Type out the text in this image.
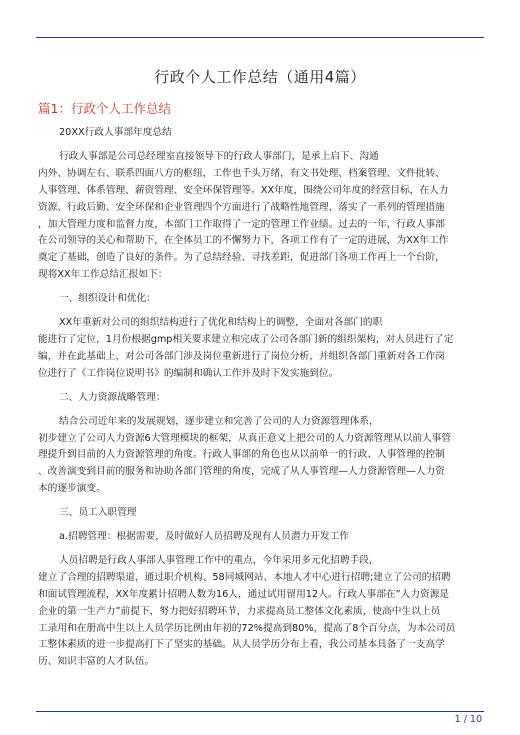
行政个人工作总结（通用4篇）
篇1：行政个人工作总结

20XX行政人事部年度总结

行政人事部是公司总经理室直接领导下的行政人事部门，是承上启下、沟通

内外、协调左右、联系四面八方的枢纽，工作也千头万绪，有文书处理、档案管理、文件批转、

人事管理、体系管理、薪资管理、安全环保管理等。XX年度，围绕公司年度的经营目标，在人力

资源、行政后勤、安全环保和企业管理四个方面进行了战略性地管理，落实了一系列的管理措施

，加大管理力度和监督力度，本部门工作取得了一定的管理工作业绩。过去的一年，行政人事部

在公司领导的关心和帮助下，在全体员工的不懈努力下，各项工作有了一定的进展，为XX年工作

奠定了基础，创造了良好的条件。为了总结经验、寻找差距，促进部门各项工作再上一个台阶，

现将XX年工作总结汇报如下：

一、组织设计和优化：

XX年重新对公司的组织结构进行了优化和结构上的调整，全面对各部门的职

能进行了定位，1月份根据gmp相关要求建立和完成了公司各部门新的组织架构，对人员进行了定

编，并在此基础上，对公司各部门涉及岗位重新进行了岗位分析，并组织各部门重新对各工作岗

位进行了《工作岗位说明书》的编制和确认工作并及时下发实施到位。

二、人力资源战略管理：

结合公司近年来的发展规划，逐步建立和完善了公司的人力资源管理体系，

初步建立了公司人力资源6大管理模块的框架，从真正意义上把公司的人力资源管理从以前人事管

理提升到目前的人力资源管理的角度。行政人事部的角色也从以前单一的行政、人事管理的控制

、改善演变到目前的服务和协助各部门管理的角度，完成了从人事管理—人力资源管理—人力资

本的逐步演变。

三、员工入职管理

a.招聘管理：根据需要，及时做好人员招聘及现有人员潜力开发工作

人员招聘是行政人事部人事管理工作中的重点，今年采用多元化招聘手段，

建立了合理的招聘渠道，通过职介机构、58同城网站、本地人才中心进行招聘;建立了公司的招聘

和面试管理流程，XX年度累计招聘人数为16人，通过试用留用12人。行政人事部在”人力资源是

企业的第一生产力”前提下，努力把好招聘环节，力求提高员工整体文化素质，使高中生以上员

工录用和在册高中生以上人员学历比例由年初的72%提高到80%，提高了8个百分点，为本公司员

工整体素质的进一步提高打下了坚实的基础。从人员学历分布上看，我公司基本具备了一支高学

历、知识丰富的人才队伍。

1 / 10
